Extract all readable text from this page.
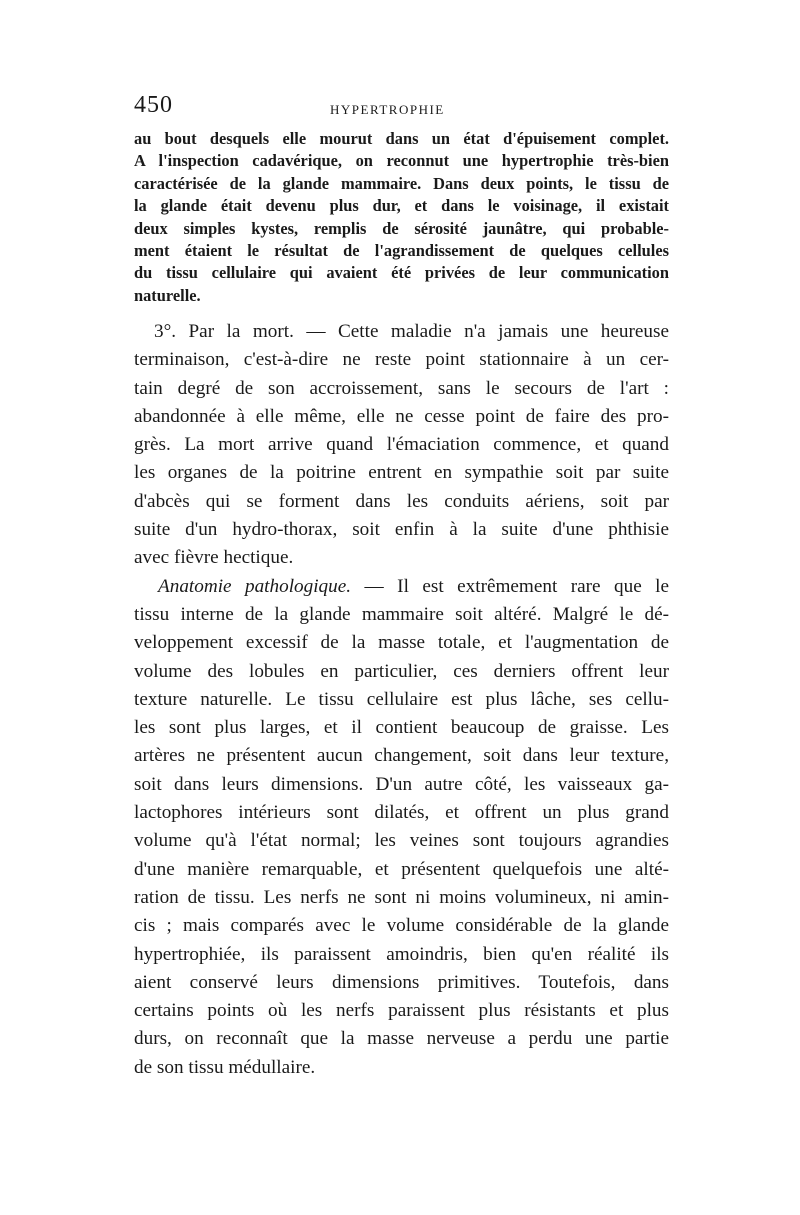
450	HYPERTROPHIE
au bout desquels elle mourut dans un état d'épuisement complet.
A l'inspection cadavérique, on reconnut une hypertrophie très-bien
caractérisée de la glande mammaire. Dans deux points, le tissu de
la glande était devenu plus dur, et dans le voisinage, il existait
deux simples kystes, remplis de sérosité jaunâtre, qui probable-
ment étaient le résultat de l'agrandissement de quelques cellules
du tissu cellulaire qui avaient été privées de leur communication
naturelle.
3°. Par la mort. — Cette maladie n'a jamais une heureuse
terminaison, c'est-à-dire ne reste point stationnaire à un cer-
tain degré de son accroissement, sans le secours de l'art :
abandonnée à elle même, elle ne cesse point de faire des pro-
grès. La mort arrive quand l'émaciation commence, et quand
les organes de la poitrine entrent en sympathie soit par suite
d'abcès qui se forment dans les conduits aériens, soit par
suite d'un hydro-thorax, soit enfin à la suite d'une phthisie
avec fièvre hectique.
Anatomie pathologique. — Il est extrêmement rare que le
tissu interne de la glande mammaire soit altéré. Malgré le dé-
veloppement excessif de la masse totale, et l'augmentation de
volume des lobules en particulier, ces derniers offrent leur
texture naturelle. Le tissu cellulaire est plus lâche, ses cellu-
les sont plus larges, et il contient beaucoup de graisse. Les
artères ne présentent aucun changement, soit dans leur texture,
soit dans leurs dimensions. D'un autre côté, les vaisseaux ga-
lactophores intérieurs sont dilatés, et offrent un plus grand
volume qu'à l'état normal; les veines sont toujours agrandies
d'une manière remarquable, et présentent quelquefois une alté-
ration de tissu. Les nerfs ne sont ni moins volumineux, ni amin-
cis ; mais comparés avec le volume considérable de la glande
hypertrophiée, ils paraissent amoindris, bien qu'en réalité ils
aient conservé leurs dimensions primitives. Toutefois, dans
certains points où les nerfs paraissent plus résistants et plus
durs, on reconnaît que la masse nerveuse a perdu une partie
de son tissu médullaire.
